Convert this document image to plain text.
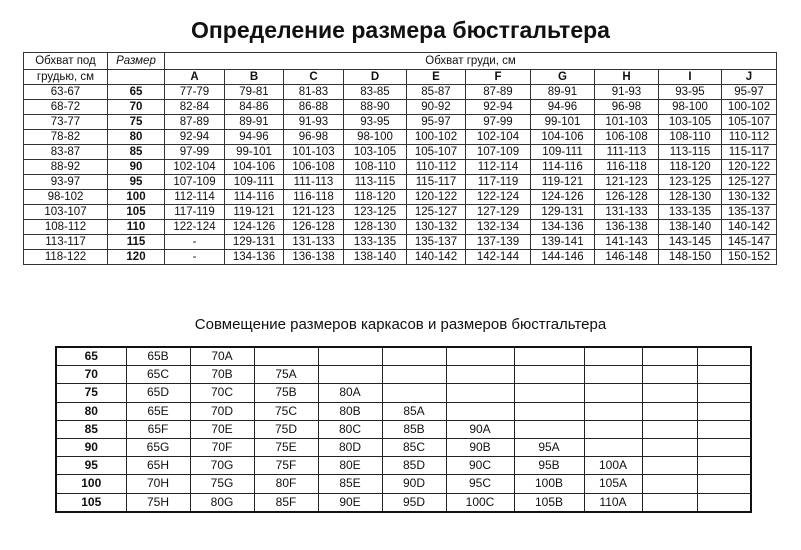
Определение размера бюстгальтера
Обхват под	Размер	Обхват груди, см									
грудью, см		A	B	C	D	E	F	G	H	I	J
63-67	65	77-79	79-81	81-83	83-85	85-87	87-89	89-91	91-93	93-95	95-97
68-72	70	82-84	84-86	86-88	88-90	90-92	92-94	94-96	96-98	98-100	100-102
73-77	75	87-89	89-91	91-93	93-95	95-97	97-99	99-101	101-103	103-105	105-107
78-82	80	92-94	94-96	96-98	98-100	100-102	102-104	104-106	106-108	108-110	110-112
83-87	85	97-99	99-101	101-103	103-105	105-107	107-109	109-111	111-113	113-115	115-117
88-92	90	102-104	104-106	106-108	108-110	110-112	112-114	114-116	116-118	118-120	120-122
93-97	95	107-109	109-111	111-113	113-115	115-117	117-119	119-121	121-123	123-125	125-127
98-102	100	112-114	114-116	116-118	118-120	120-122	122-124	124-126	126-128	128-130	130-132
103-107	105	117-119	119-121	121-123	123-125	125-127	127-129	129-131	131-133	133-135	135-137
108-112	110	122-124	124-126	126-128	128-130	130-132	132-134	134-136	136-138	138-140	140-142
113-117	115	-	129-131	131-133	133-135	135-137	137-139	139-141	141-143	143-145	145-147
118-122	120	-	134-136	136-138	138-140	140-142	142-144	144-146	146-148	148-150	150-152
Совмещение размеров каркасов и размеров бюстгальтера
65	65B	70A								
70	65C	70B	75A							
75	65D	70C	75B	80A						
80	65E	70D	75C	80B	85A					
85	65F	70E	75D	80C	85B	90A				
90	65G	70F	75E	80D	85C	90B	95A			
95	65H	70G	75F	80E	85D	90C	95B	100A		
100	70H	75G	80F	85E	90D	95C	100B	105A		
105	75H	80G	85F	90E	95D	100C	105B	110A		
